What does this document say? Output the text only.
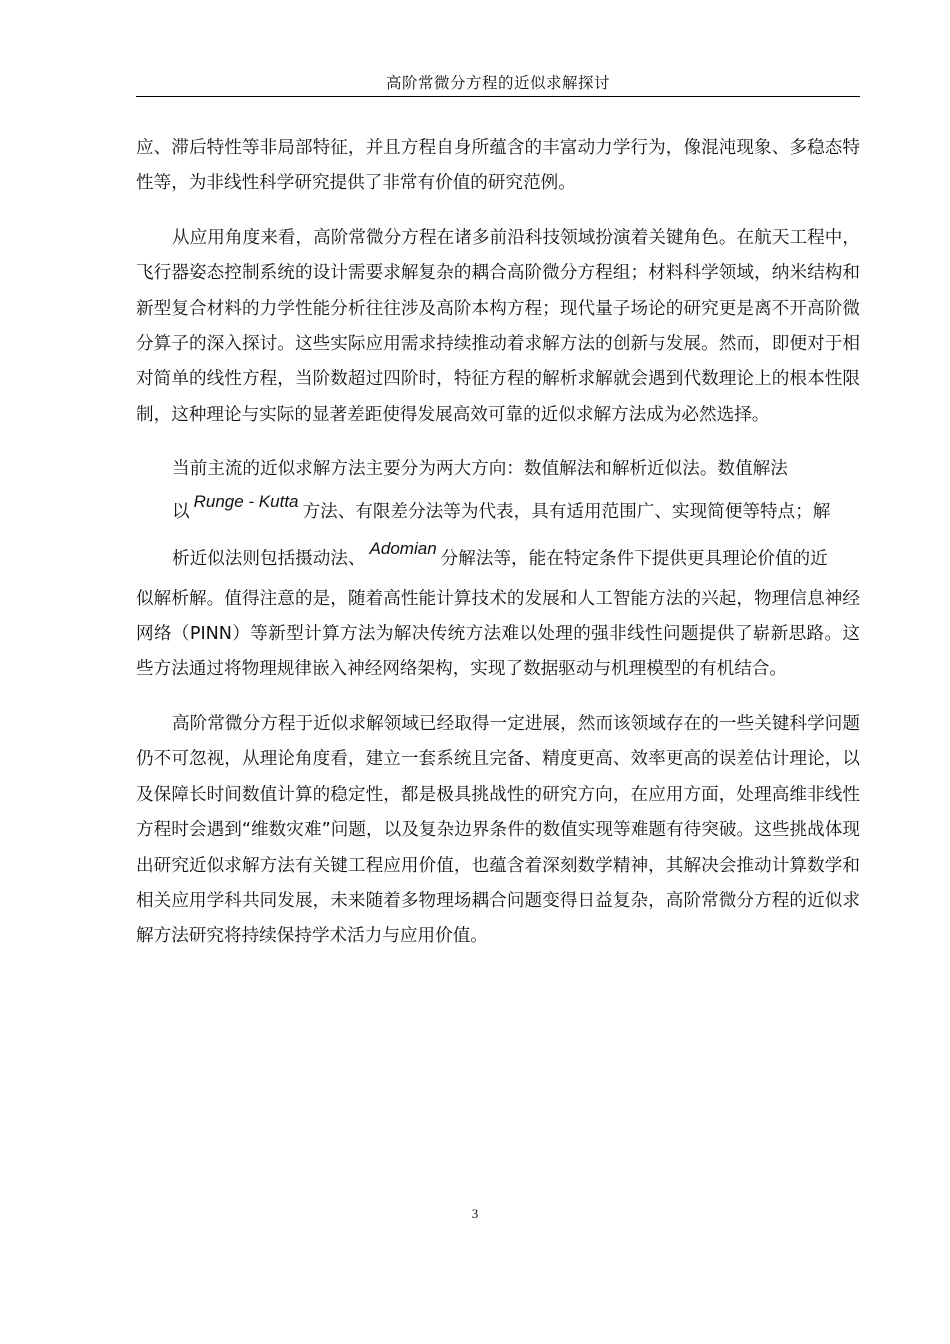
高阶常微分方程的近似求解探讨

应、滞后特性等非局部特征，并且方程自身所蕴含的丰富动力学行为，像混沌现象、多稳态特性等，为非线性科学研究提供了非常有价值的研究范例。

从应用角度来看，高阶常微分方程在诸多前沿科技领域扮演着关键角色。在航天工程中，飞行器姿态控制系统的设计需要求解复杂的耦合高阶微分方程组；材料科学领域，纳米结构和新型复合材料的力学性能分析往往涉及高阶本构方程；现代量子场论的研究更是离不开高阶微分算子的深入探讨。这些实际应用需求持续推动着求解方法的创新与发展。然而，即便对于相对简单的线性方程，当阶数超过四阶时，特征方程的解析求解就会遇到代数理论上的根本性限制，这种理论与实际的显著差距使得发展高效可靠的近似求解方法成为必然选择。

当前主流的近似求解方法主要分为两大方向：数值解法和解析近似法。数值解法
以Runge - Kutta方法、有限差分法等为代表，具有适用范围广、实现简便等特点；解
析近似法则包括摄动法、Adomian分解法等，能在特定条件下提供更具理论价值的近
似解析解。值得注意的是，随着高性能计算技术的发展和人工智能方法的兴起，物理信息神经网络（PINN）等新型计算方法为解决传统方法难以处理的强非线性问题提供了崭新思路。这些方法通过将物理规律嵌入神经网络架构，实现了数据驱动与机理模型的有机结合。

高阶常微分方程于近似求解领域已经取得一定进展，然而该领域存在的一些关键科学问题仍不可忽视，从理论角度看，建立一套系统且完备、精度更高、效率更高的误差估计理论，以及保障长时间数值计算的稳定性，都是极具挑战性的研究方向，在应用方面，处理高维非线性方程时会遇到“维数灾难”问题，以及复杂边界条件的数值实现等难题有待突破。这些挑战体现出研究近似求解方法有关键工程应用价值，也蕴含着深刻数学精神，其解决会推动计算数学和相关应用学科共同发展，未来随着多物理场耦合问题变得日益复杂，高阶常微分方程的近似求解方法研究将持续保持学术活力与应用价值。

3
